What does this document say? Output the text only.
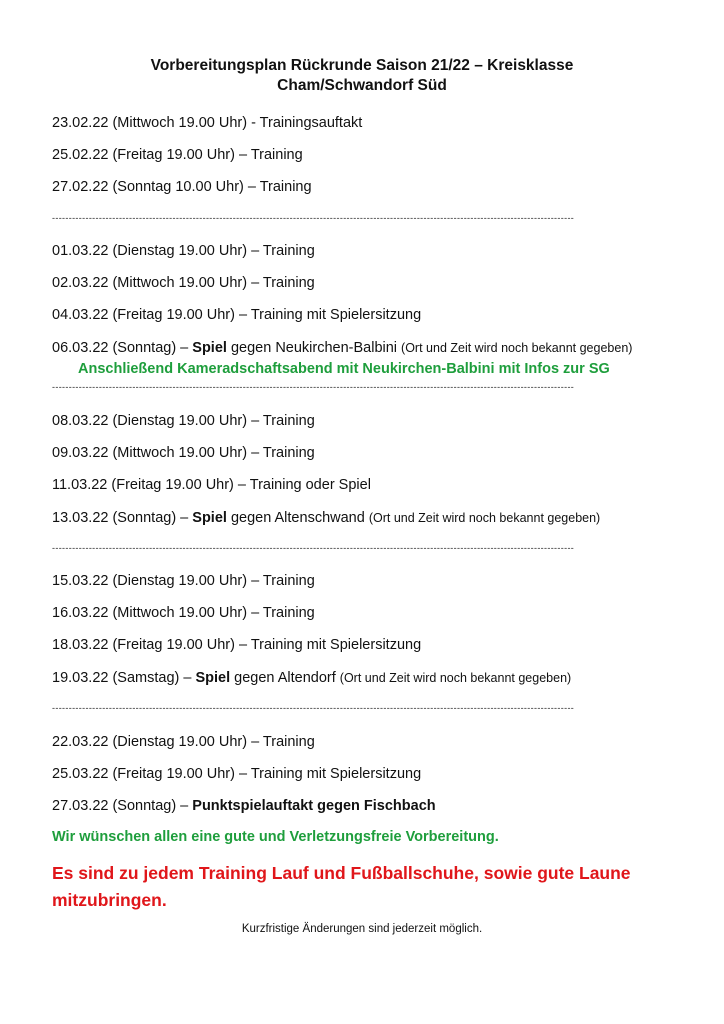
Vorbereitungsplan Rückrunde Saison 21/22 – Kreisklasse
Cham/Schwandorf Süd
23.02.22 (Mittwoch 19.00 Uhr) - Trainingsauftakt
25.02.22 (Freitag 19.00 Uhr) – Training
27.02.22 (Sonntag 10.00 Uhr) – Training
------------------------------------------------------------------------------------------------------------------------------------------------------------
01.03.22 (Dienstag 19.00 Uhr) – Training
02.03.22 (Mittwoch 19.00 Uhr) – Training
04.03.22 (Freitag 19.00 Uhr) – Training mit Spielersitzung
06.03.22 (Sonntag) – Spiel gegen Neukirchen-Balbini (Ort und Zeit wird noch bekannt gegeben)
Anschließend Kameradschaftsabend mit Neukirchen-Balbini mit Infos zur SG
------------------------------------------------------------------------------------------------------------------------------------------------------------
08.03.22 (Dienstag 19.00 Uhr) – Training
09.03.22 (Mittwoch 19.00 Uhr) – Training
11.03.22 (Freitag 19.00 Uhr) – Training oder Spiel
13.03.22 (Sonntag) – Spiel gegen Altenschwand (Ort und Zeit wird noch bekannt gegeben)
------------------------------------------------------------------------------------------------------------------------------------------------------------
15.03.22 (Dienstag 19.00 Uhr) – Training
16.03.22 (Mittwoch 19.00 Uhr) – Training
18.03.22 (Freitag 19.00 Uhr) – Training mit Spielersitzung
19.03.22 (Samstag) – Spiel gegen Altendorf (Ort und Zeit wird noch bekannt gegeben)
------------------------------------------------------------------------------------------------------------------------------------------------------------
22.03.22 (Dienstag 19.00 Uhr) – Training
25.03.22 (Freitag 19.00 Uhr) – Training mit Spielersitzung
27.03.22 (Sonntag) – Punktspielauftakt gegen Fischbach
Wir wünschen allen eine gute und Verletzungsfreie Vorbereitung.
Es sind zu jedem Training Lauf und Fußballschuhe, sowie gute Laune mitzubringen.
Kurzfristige Änderungen sind jederzeit möglich.
